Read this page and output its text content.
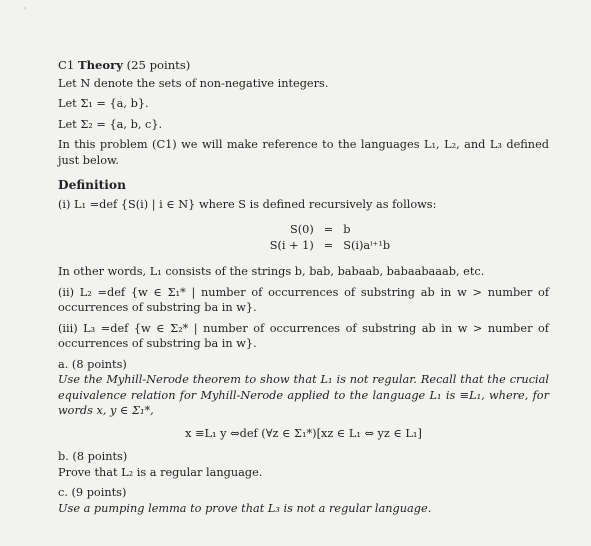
'
C1 Theory (25 points)
Let N denote the sets of non-negative integers.
Let Σ₁ = {a, b}.
Let Σ₂ = {a, b, c}.
In this problem (C1) we will make reference to the languages L₁, L₂, and L₃ defined just below.
Definition
(i) L₁ =def {S(i) | i ∈ N} where S is defined recursively as follows:
S(0) = b
S(i + 1) = S(i)aⁱ⁺¹b
In other words, L₁ consists of the strings b, bab, babaab, babaabaaab, etc.
(ii) L₂ =def {w ∈ Σ₁* | number of occurrences of substring ab in w > number of occurrences of substring ba in w}.
(iii) L₃ =def {w ∈ Σ₂* | number of occurrences of substring ab in w > number of occurrences of substring ba in w}.
a. (8 points)
Use the Myhill-Nerode theorem to show that L₁ is not regular. Recall that the crucial equivalence relation for Myhill-Nerode applied to the language L₁ is ≡L₁, where, for words x, y ∈ Σ₁*,
x ≡L₁ y ⇔def (∀z ∈ Σ₁*)[xz ∈ L₁ ⇔ yz ∈ L₁]
b. (8 points)
Prove that L₂ is a regular language.
c. (9 points)
Use a pumping lemma to prove that L₃ is not a regular language.
